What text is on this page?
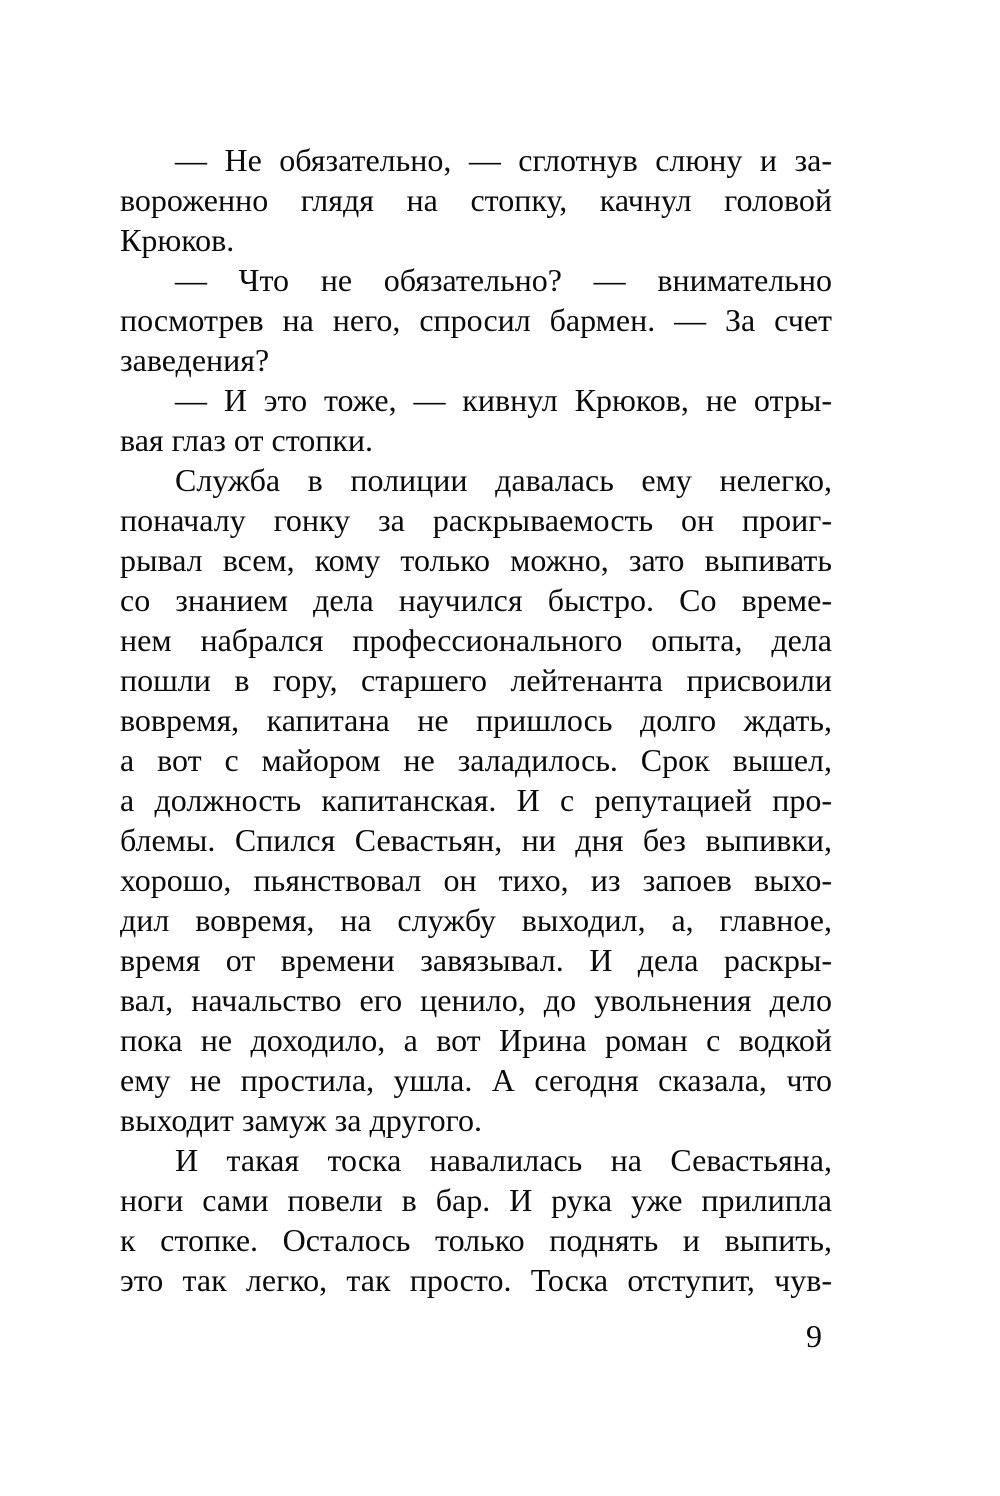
— Не обязательно, — сглотнув слюну и за-
вороженно глядя на стопку, качнул головой
Крюков.
— Что не обязательно? — внимательно
посмотрев на него, спросил бармен. — За счет
заведения?
— И это тоже, — кивнул Крюков, не отры-
вая глаз от стопки.
Служба в полиции давалась ему нелегко,
поначалу гонку за раскрываемость он проиг-
рывал всем, кому только можно, зато выпивать
со знанием дела научился быстро. Со време-
нем набрался профессионального опыта, дела
пошли в гору, старшего лейтенанта присвоили
вовремя, капитана не пришлось долго ждать,
а вот с майором не заладилось. Срок вышел,
а должность капитанская. И с репутацией про-
блемы. Спился Севастьян, ни дня без выпивки,
хорошо, пьянствовал он тихо, из запоев выхо-
дил вовремя, на службу выходил, а, главное,
время от времени завязывал. И дела раскры-
вал, начальство его ценило, до увольнения дело
пока не доходило, а вот Ирина роман с водкой
ему не простила, ушла. А сегодня сказала, что
выходит замуж за другого.
И такая тоска навалилась на Севастьяна,
ноги сами повели в бар. И рука уже прилипла
к стопке. Осталось только поднять и выпить,
это так легко, так просто. Тоска отступит, чув-
9
